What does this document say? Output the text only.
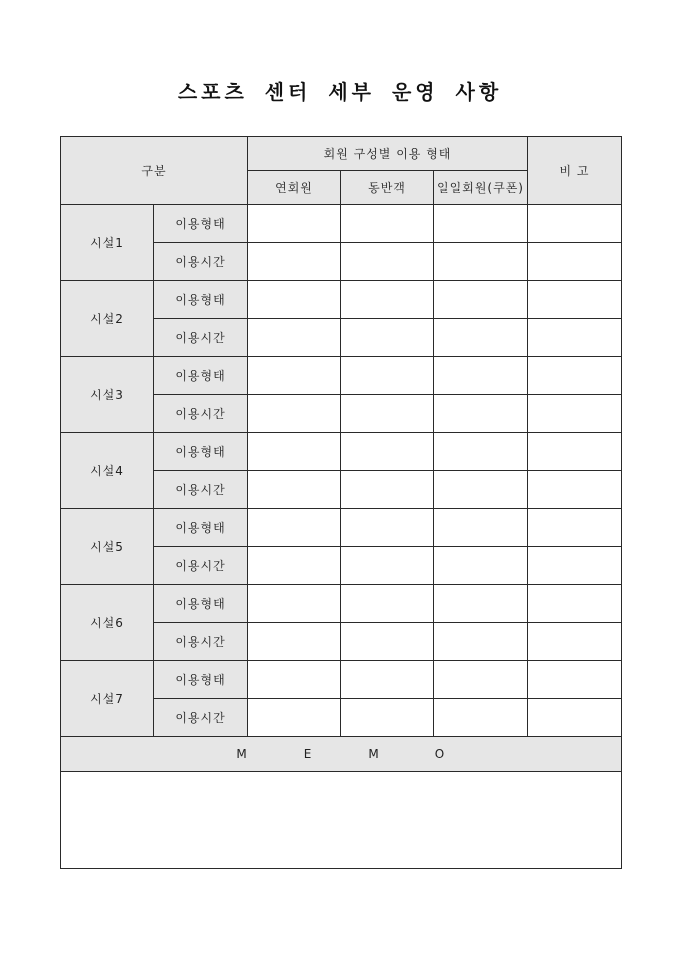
스포츠 센터 세부 운영 사항
구분		회원 구성별 이용 형태			비 고
		연회원	동반객	일일회원(쿠폰)	
시설1	이용형태				
	이용시간				
시설2	이용형태				
	이용시간				
시설3	이용형태				
	이용시간				
시설4	이용형태				
	이용시간				
시설5	이용형태				
	이용시간				
시설6	이용형태				
	이용시간				
시설7	이용형태				
	이용시간				
M E M O					
